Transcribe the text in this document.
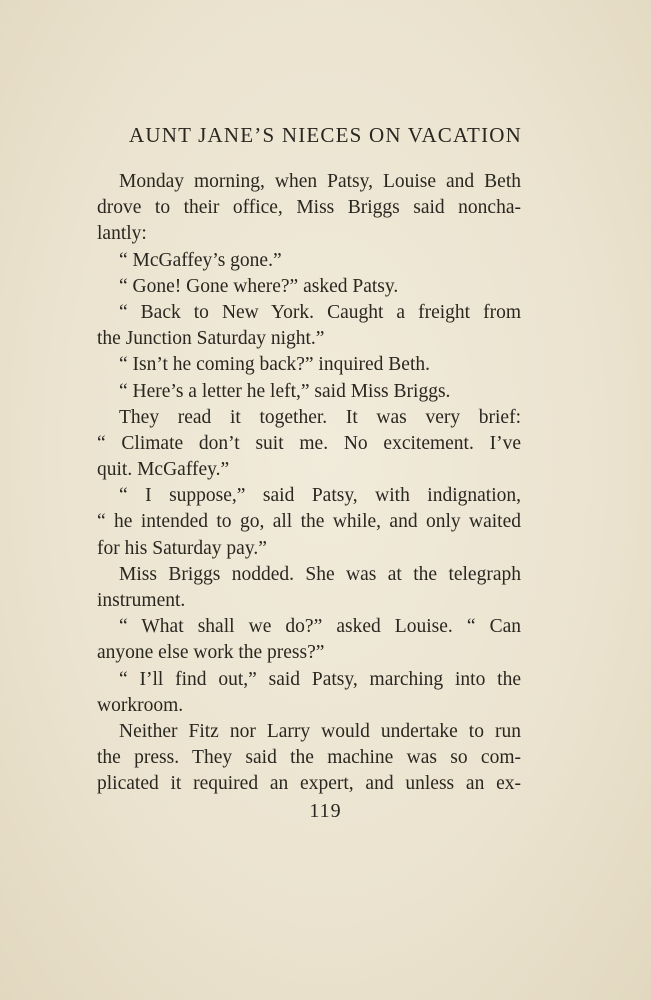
AUNT JANE’S NIECES ON VACATION
Monday morning, when Patsy, Louise and Beth
drove to their office, Miss Briggs said noncha-
lantly:
“ McGaffey’s gone.”
“ Gone! Gone where?” asked Patsy.
“ Back to New York. Caught a freight from
the Junction Saturday night.”
“ Isn’t he coming back?” inquired Beth.
“ Here’s a letter he left,” said Miss Briggs.
They read it together. It was very brief:
“ Climate don’t suit me. No excitement. I’ve
quit. McGaffey.”
“ I suppose,” said Patsy, with indignation,
“ he intended to go, all the while, and only waited
for his Saturday pay.”
Miss Briggs nodded. She was at the telegraph
instrument.
“ What shall we do?” asked Louise. “ Can
anyone else work the press?”
“ I’ll find out,” said Patsy, marching into the
workroom.
Neither Fitz nor Larry would undertake to run
the press. They said the machine was so com-
plicated it required an expert, and unless an ex-
119
